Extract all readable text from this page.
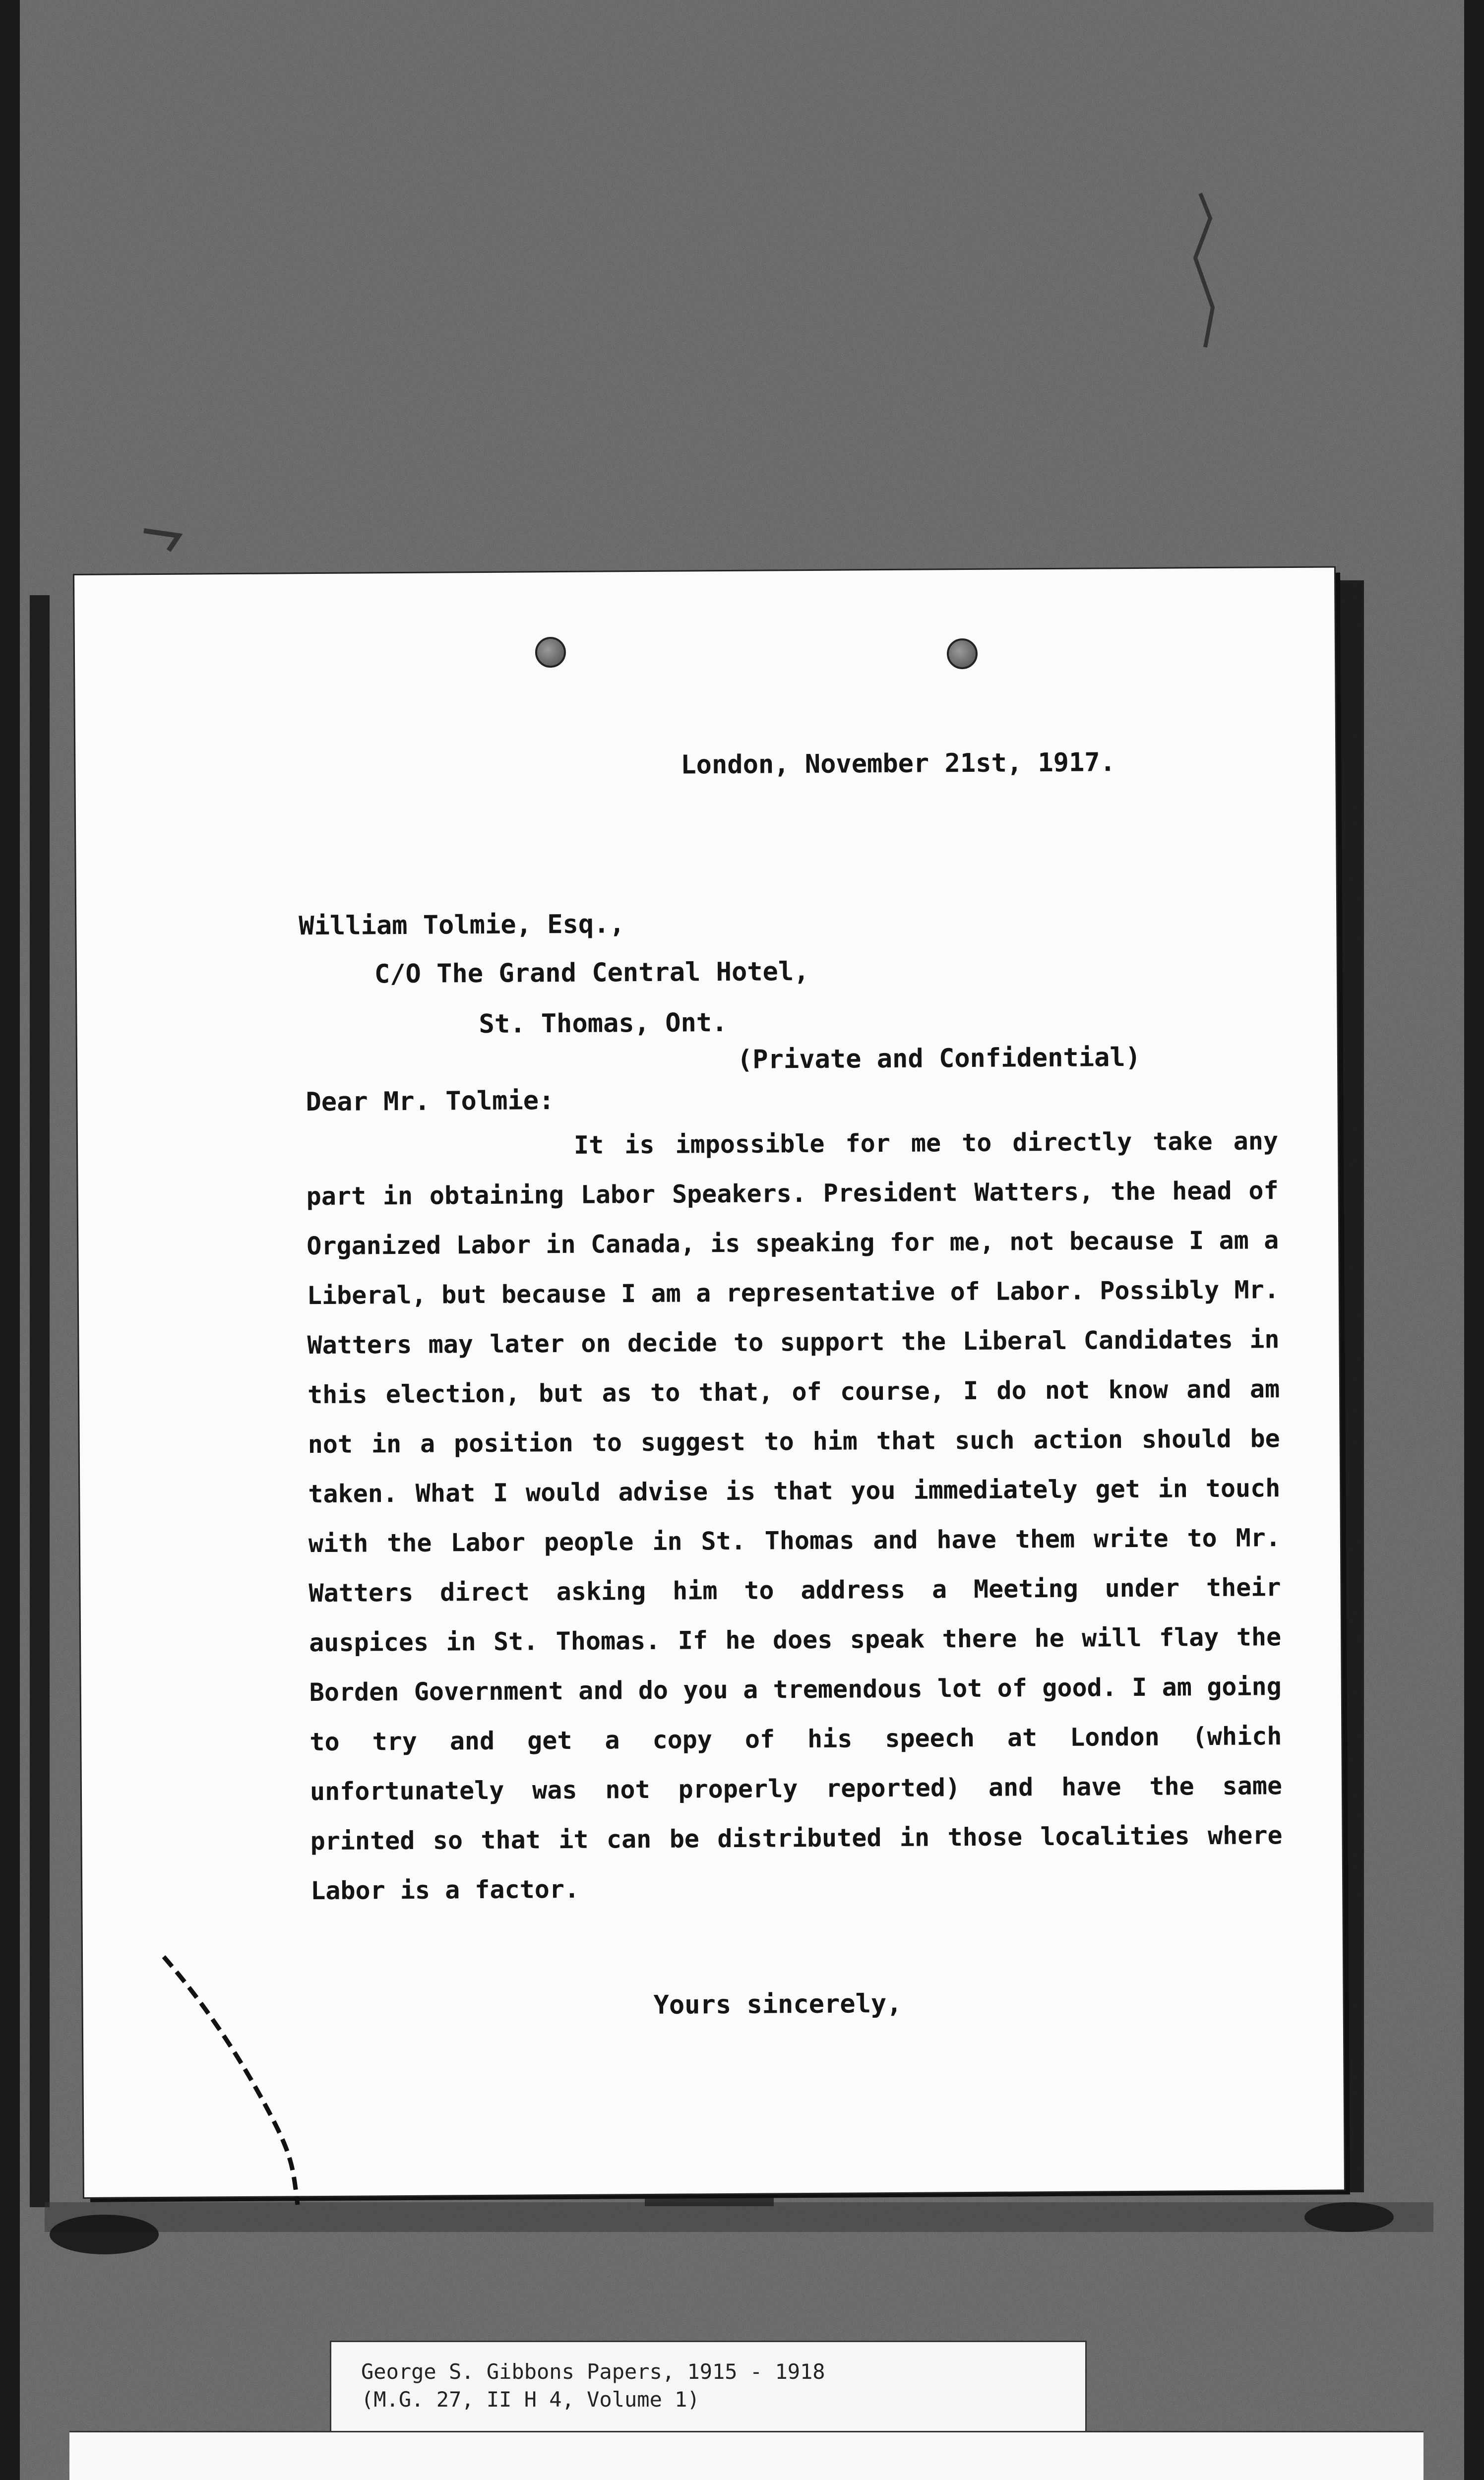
London, November 21st, 1917.
William Tolmie, Esq.,
C/O The Grand Central Hotel,
St. Thomas, Ont.
(Private and Confidential)
Dear Mr. Tolmie:
It is impossible for me to directly take any part in obtaining Labor Speakers. President Watters, the head of Organized Labor in Canada, is speaking for me, not because I am a Liberal, but because I am a representative of Labor. Possibly Mr. Watters may later on decide to support the Liberal Candidates in this election, but as to that, of course, I do not know and am not in a position to suggest to him that such action should be taken. What I would advise is that you immediately get in touch with the Labor people in St. Thomas and have them write to Mr. Watters direct asking him to address a Meeting under their auspices in St. Thomas. If he does speak there he will flay the Borden Government and do you a tremendous lot of good. I am going to try and get a copy of his speech at London (which unfortunately was not properly reported) and have the same printed so that it can be distributed in those localities where Labor is a factor.
Yours sincerely,
George S. Gibbons Papers, 1915 - 1918
(M.G. 27, II H 4, Volume 1)
